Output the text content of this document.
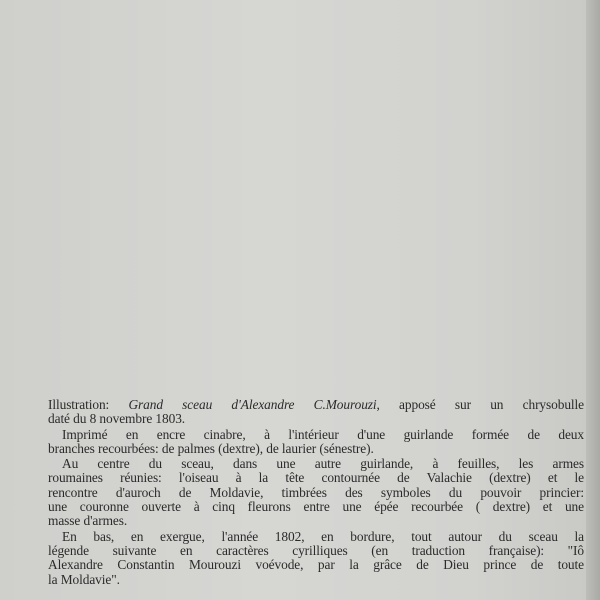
Illustration: Grand sceau d'Alexandre C.Mourouzi, apposé sur un chrysobulle
daté du 8 novembre 1803.

Imprimé en encre cinabre, à l'intérieur d'une guirlande formée de deux
branches recourbées: de palmes (dextre), de laurier (sénestre).

Au centre du sceau, dans une autre guirlande, à feuilles, les armes
roumaines réunies: l'oiseau à la tête contournée de Valachie (dextre) et le
rencontre d'auroch de Moldavie, timbrées des symboles du pouvoir princier:
une couronne ouverte à cinq fleurons entre une épée recourbée ( dextre) et une
masse d'armes.

En bas, en exergue, l'année 1802, en bordure, tout autour du sceau la
légende suivante en caractères cyrilliques (en traduction française): "Iô
Alexandre Constantin Mourouzi voévode, par la grâce de Dieu prince de toute
la Moldavie".
